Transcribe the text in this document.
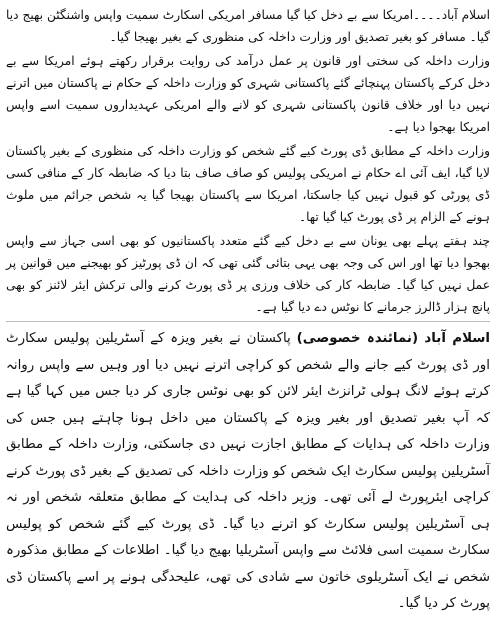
اسلام آباد۔۔۔۔امریکا سے بے دخل کیا گیا مسافر امریکی اسکارٹ سمیت واپس واشنگٹن بھیج دیا گیا۔ مسافر کو بغیر تصدیق اور وزارت داخلہ کی منظوری کے بغیر بھیجا گیا۔

وزارت داخلہ کی سختی اور قانون پر عمل درآمد کی روایت برقرار رکھتے ہوئے امریکا سے بے دخل کرکے پاکستان پہنچائے گئے پاکستانی شہری کو وزارت داخلہ کے حکام نے پاکستان میں اترنے نہیں دیا اور خلاف قانون پاکستانی شہری کو لانے والے امریکی عہدیداروں سمیت اسے واپس امریکا بھجوا دیا ہے۔

وزارت داخلہ کے مطابق ڈی پورٹ کیے گئے شخص کو وزارت داخلہ کی منظوری کے بغیر پاکستان لایا گیا، ایف آئی اے حکام نے امریکی پولیس کو صاف صاف بتا دیا کہ ضابطہ کار کے منافی کسی ڈی پورٹی کو قبول نہیں کیا جاسکتا، امریکا سے پاکستان بھیجا گیا یہ شخص جرائم میں ملوث ہونے کے الزام پر ڈی پورٹ کیا گیا تھا۔

چند ہفتے پہلے بھی یونان سے بے دخل کیے گئے متعدد پاکستانیوں کو بھی اسی جہاز سے واپس بھجوا دیا تھا اور اس کی وجہ بھی یہی بتائی گئی تھی کہ ان ڈی پورٹیز کو بھیجنے میں قوانین پر عمل نہیں کیا گیا۔ ضابطہ کار کی خلاف ورزی پر ڈی پورٹ کرنے والی ترکش ایئر لائنز کو بھی پانچ ہزار ڈالرز جرمانے کا نوٹس دے دیا گیا ہے۔

اسلام آباد (نمائندہ خصوصی) پاکستان نے بغیر ویزہ کے آسٹریلین پولیس سکارٹ اور ڈی پورٹ کیے جانے والے شخص کو کراچی اترنے نہیں دیا اور وہیں سے واپس روانہ کرتے ہوئے لانگ ہولی ٹرانزٹ ایئر لائن کو بھی نوٹس جاری کر دیا جس میں کہا گیا ہے کہ آپ بغیر تصدیق اور بغیر ویزہ کے پاکستان میں داخل ہونا چاہتے ہیں جس کی وزارت داخلہ کی ہدایات کے مطابق اجازت نہیں دی جاسکتی، وزارت داخلہ کے مطابق آسٹریلین پولیس سکارٹ ایک شخص کو وزارت داخلہ کی تصدیق کے بغیر ڈی پورٹ کرنے کراچی ایئرپورٹ لے آئی تھی۔ وزیر داخلہ کی ہدایت کے مطابق متعلقہ شخص اور نہ ہی آسٹریلین پولیس سکارٹ کو اترنے دیا گیا۔ ڈی پورٹ کیے گئے شخص کو پولیس سکارٹ سمیت اسی فلائٹ سے واپس آسٹریلیا بھیج دیا گیا۔ اطلاعات کے مطابق مذکورہ شخص نے ایک آسٹریلوی خاتون سے شادی کی تھی، علیحدگی ہونے پر اسے پاکستان ڈی پورٹ کر دیا گیا۔
